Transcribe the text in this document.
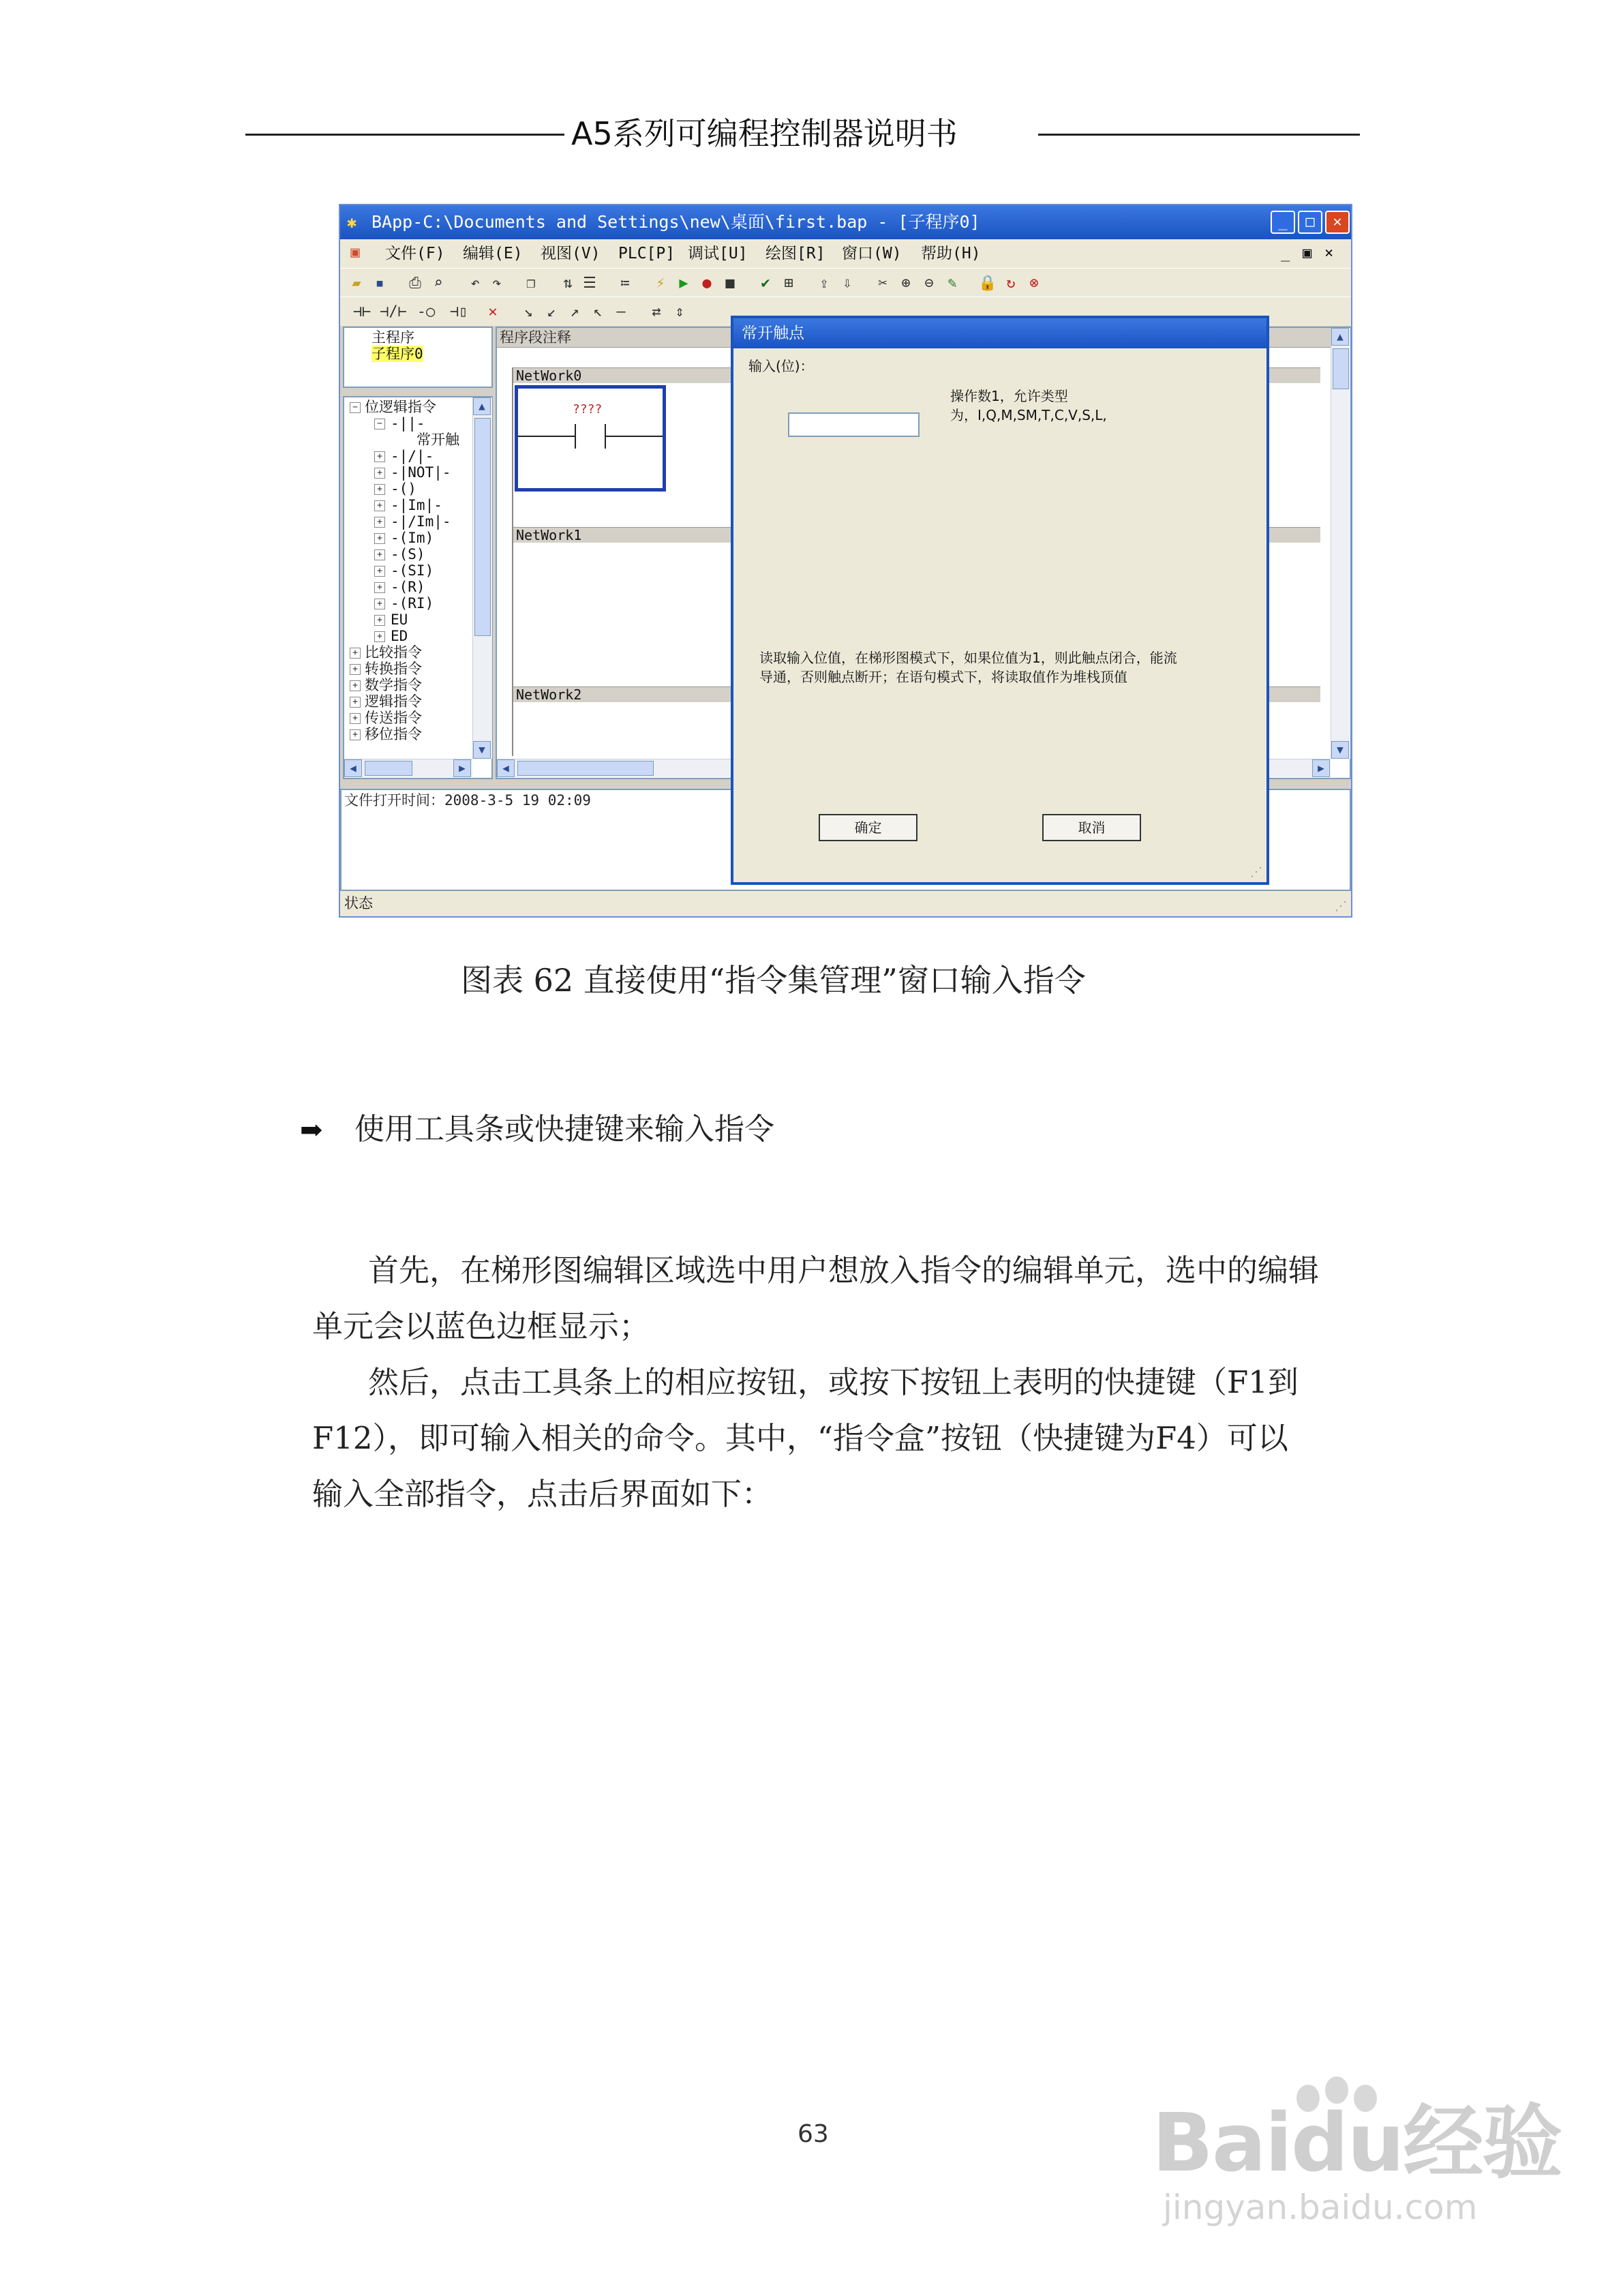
A5系列可编程控制器说明书
✱ BApp-C:\Documents and Settings\new\桌面\first.bap - [子程序0]	_	□	✕
▣	文件(F) 编辑(E) 视图(V) PLC[P] 调试[U] 绘图[R] 窗口(W) 帮助(H)	_ ▣ ×
▰ ▪	⎙ ⌕	↶ ↷	❐	⇅ ☰	≔	⚡ ▶ ● ■	✔ ⊞	⇪ ⇩	✂ ⊕ ⊖ ✎	🔒 ↻ ⊗
⊣⊢ ⊣/⊢ -○ ⊣▯	✕	↘ ↙ ↗ ↖ —	⇄ ⇕
主程序
子程序0
− 位逻辑指令
− -||-
常开触
+ -|/|-
+ -|NOT|-
+ -()
+ -|Im|-
+ -|/Im|-
+ -(Im)
+ -(S)
+ -(SI)
+ -(R)
+ -(RI)
+ EU
+ ED
+ 比较指令
+ 转换指令
+ 数学指令
+ 逻辑指令
+ 传送指令
+ 移位指令
▲
▼
◀	▶
程序段注释
NetWork0
????
NetWork1
NetWork2
▲
▼
◀	▶
文件打开时间：2008-3-5 19 02:09
状态	⋰
常开触点
输入(位)：
操作数1，允许类型
为，I,Q,M,SM,T,C,V,S,L,
读取输入位值，在梯形图模式下，如果位值为1，则此触点闭合，能流
导通，否则触点断开；在语句模式下，将读取值作为堆栈顶值
确定	取消
⋰
图表 62 直接使用“指令集管理”窗口输入指令
➡ 使用工具条或快捷键来输入指令
首先，在梯形图编辑区域选中用户想放入指令的编辑单元，选中的编辑
单元会以蓝色边框显示；
然后，点击工具条上的相应按钮，或按下按钮上表明的快捷键（F1到
F12），即可输入相关的命令。其中，“指令盒”按钮（快捷键为F4）可以
输入全部指令，点击后界面如下：
63	Baidu经验
jingyan.baidu.com
